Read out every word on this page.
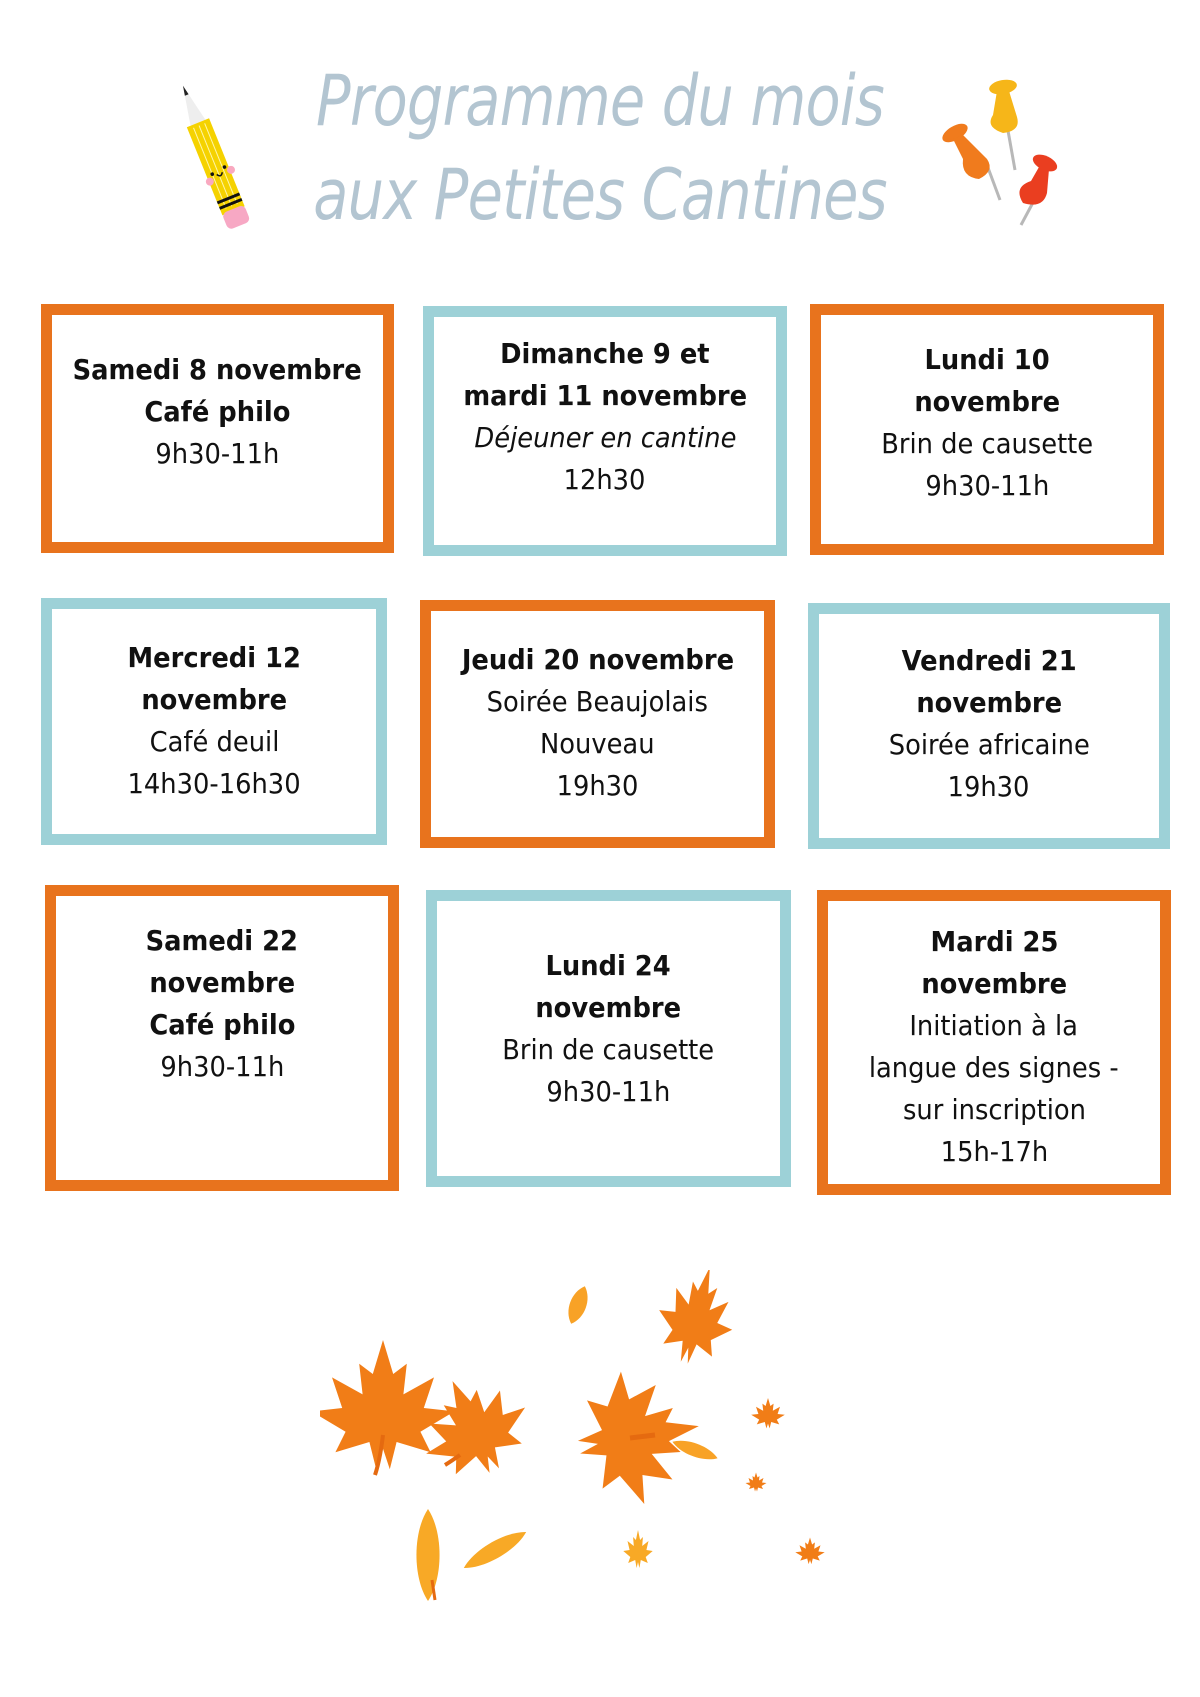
Programme du mois
aux Petites Cantines
Samedi 8 novembre
Café philo
9h30-11h
Dimanche 9 et
mardi 11 novembre
Déjeuner en cantine
12h30
Lundi 10
novembre
Brin de causette
9h30-11h
Mercredi 12
novembre
Café deuil
14h30-16h30
Jeudi 20 novembre
Soirée Beaujolais
Nouveau
19h30
Vendredi 21
novembre
Soirée africaine
19h30
Samedi 22
novembre
Café philo
9h30-11h
Lundi 24
novembre
Brin de causette
9h30-11h
Mardi 25
novembre
Initiation à la
langue des signes -
sur inscription
15h-17h
